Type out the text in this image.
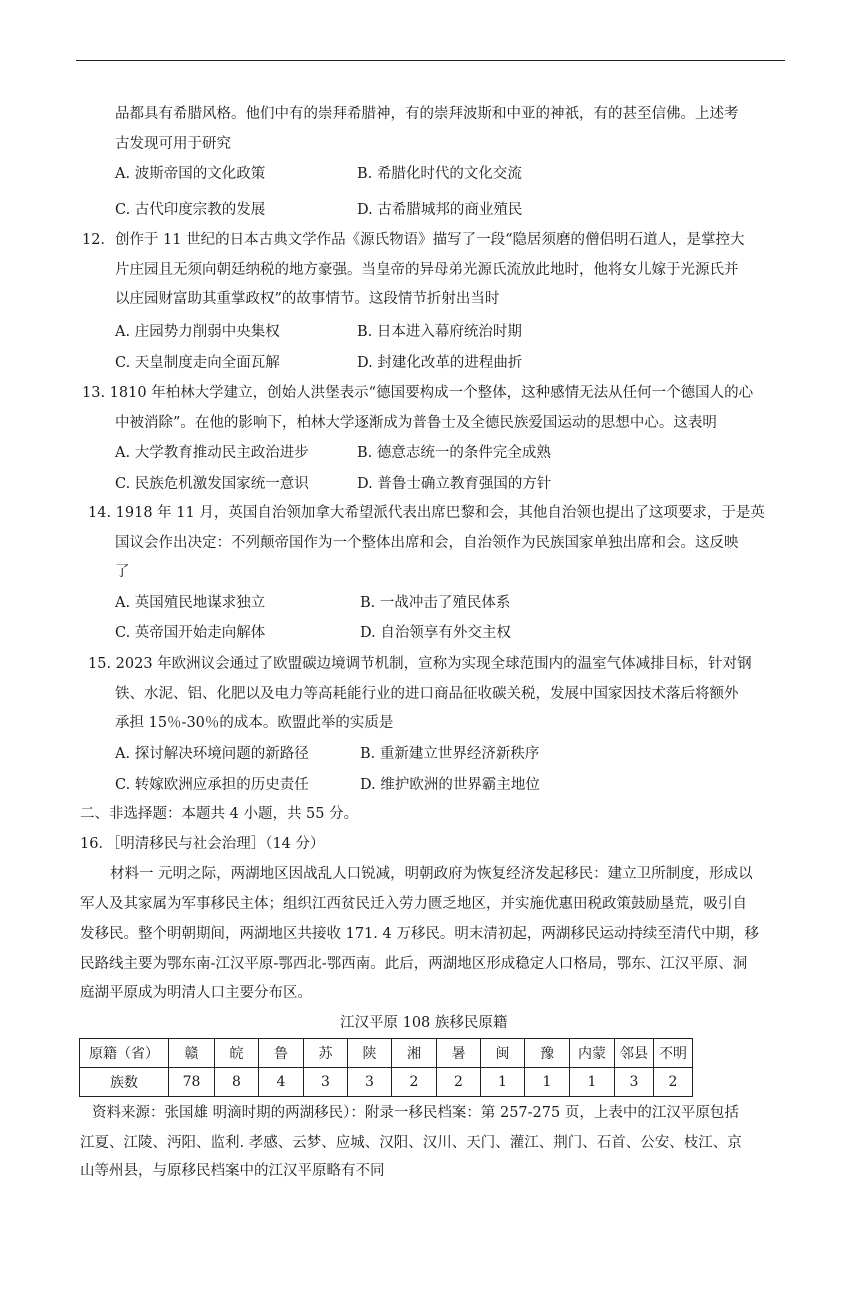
品都具有希腊风格。他们中有的崇拜希腊神，有的崇拜波斯和中亚的神祇，有的甚至信佛。上述考
古发现可用于研究
A. 波斯帝国的文化政策	B. 希腊化时代的文化交流
C. 古代印度宗教的发展	D. 古希腊城邦的商业殖民
12．创作于 11 世纪的日本古典文学作品《源氏物语》描写了一段“隐居须磨的僧侣明石道人，是掌控大
片庄园且无须向朝廷纳税的地方豪强。当皇帝的异母弟光源氏流放此地时，他将女儿嫁于光源氏并
以庄园财富助其重掌政权”的故事情节。这段情节折射出当时
A. 庄园势力削弱中央集权	B. 日本进入幕府统治时期
C. 天皇制度走向全面瓦解	D. 封建化改革的进程曲折
13. 1810 年柏林大学建立，创始人洪堡表示“德国要构成一个整体，这种感情无法从任何一个德国人的心
中被消除”。在他的影响下，柏林大学逐渐成为普鲁士及全德民族爱国运动的思想中心。这表明
A. 大学教育推动民主政治进步	B. 德意志统一的条件完全成熟
C. 民族危机激发国家统一意识	D. 普鲁士确立教育强国的方针
14. 1918 年 11 月，英国自治领加拿大希望派代表出席巴黎和会，其他自治领也提出了这项要求，于是英
国议会作出决定：不列颠帝国作为一个整体出席和会，自治领作为民族国家单独出席和会。这反映
了
A. 英国殖民地谋求独立	B. 一战冲击了殖民体系
C. 英帝国开始走向解体	D. 自治领享有外交主权
15. 2023 年欧洲议会通过了欧盟碳边境调节机制，宣称为实现全球范围内的温室气体减排目标，针对钢
铁、水泥、铝、化肥以及电力等高耗能行业的进口商品征收碳关税，发展中国家因技术落后将额外
承担 15％-30％的成本。欧盟此举的实质是
A. 探讨解决环境问题的新路径	B. 重新建立世界经济新秩序
C. 转嫁欧洲应承担的历史责任	D. 维护欧洲的世界霸主地位
二、非选择题：本题共 4 小题，共 55 分。
16．［明清移民与社会治理］（14 分）
材料一 元明之际，两湖地区因战乱人口锐减，明朝政府为恢复经济发起移民：建立卫所制度，形成以
军人及其家属为军事移民主体；组织江西贫民迁入劳力匮乏地区，并实施优惠田税政策鼓励垦荒，吸引自
发移民。整个明朝期间，两湖地区共接收 171. 4 万移民。明末清初起，两湖移民运动持续至清代中期，移
民路线主要为鄂东南-江汉平原-鄂西北-鄂西南。此后，两湖地区形成稳定人口格局，鄂东、江汉平原、洞
庭湖平原成为明清人口主要分布区。
江汉平原 108 族移民原籍
原籍（省）	赣	皖	鲁	苏	陕	湘	暑	闽	豫	内蒙	邻县	不明
族数	78	8	4	3	3	2	2	1	1	1	3	2
资料来源：张国雄 明滴时期的两湖移民）：附录一移民档案：第 257-275 页，上表中的江汉平原包括
江夏、江陵、沔阳、监利. 孝感、云梦、应城、汉阳、汉川、天门、灌江、荆门、石首、公安、枝江、京
山等州县，与原移民档案中的江汉平原略有不同
